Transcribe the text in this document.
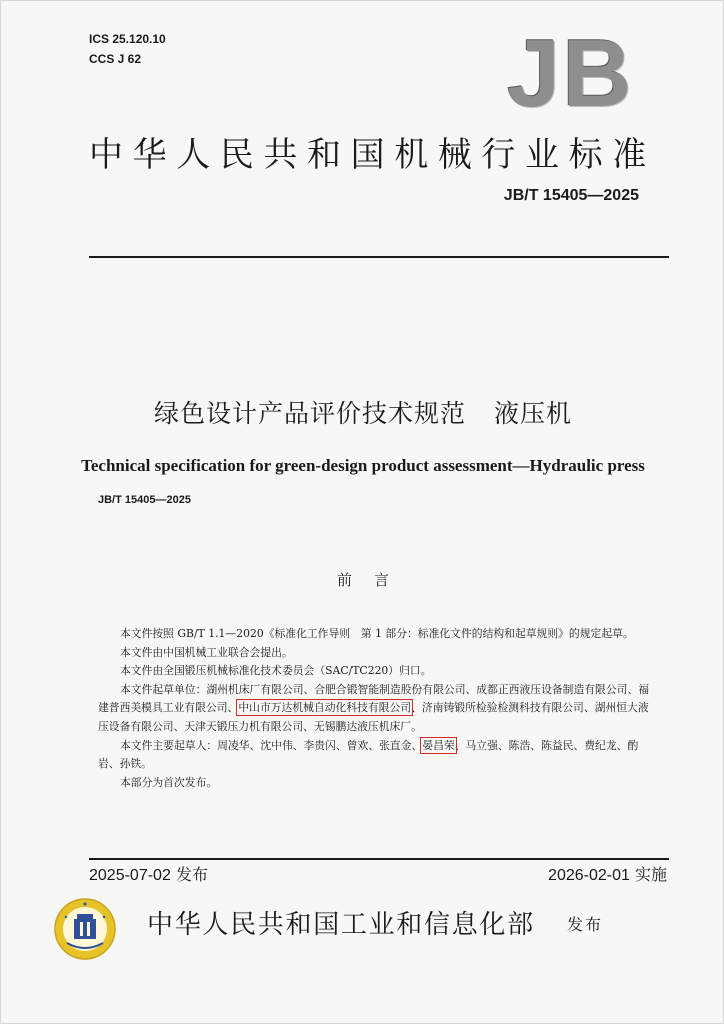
ICS 25.120.10
CCS J 62	JB
中华人民共和国机械行业标准
JB/T 15405—2025
绿色设计产品评价技术规范 液压机
Technical specification for green-design product assessment—Hydraulic press
JB/T 15405—2025
前言

本文件按照 GB/T 1.1—2020《标准化工作导则　第 1 部分：标准化文件的结构和起草规则》的规定起草。

本文件由中国机械工业联合会提出。

本文件由全国锻压机械标准化技术委员会（SAC/TC220）归口。

本文件起草单位：湖州机床厂有限公司、合肥合锻智能制造股份有限公司、成都正西液压设备制造有限公司、福建普西美模具工业有限公司、中山市万达机械自动化科技有限公司、济南铸锻所检验检测科技有限公司、湖州恒大液压设备有限公司、天津天锻压力机有限公司、无锡鹏达液压机床厂。

本文件主要起草人：周凌华、沈中伟、李贵闪、曾欢、张直金、晏昌荣、马立强、陈浩、陈益民、费纪龙、酌岩、孙铁。

本部分为首次发布。

2025-07-02 发布	2026-02-01 实施
中华人民共和国工业和信息化部 发布
